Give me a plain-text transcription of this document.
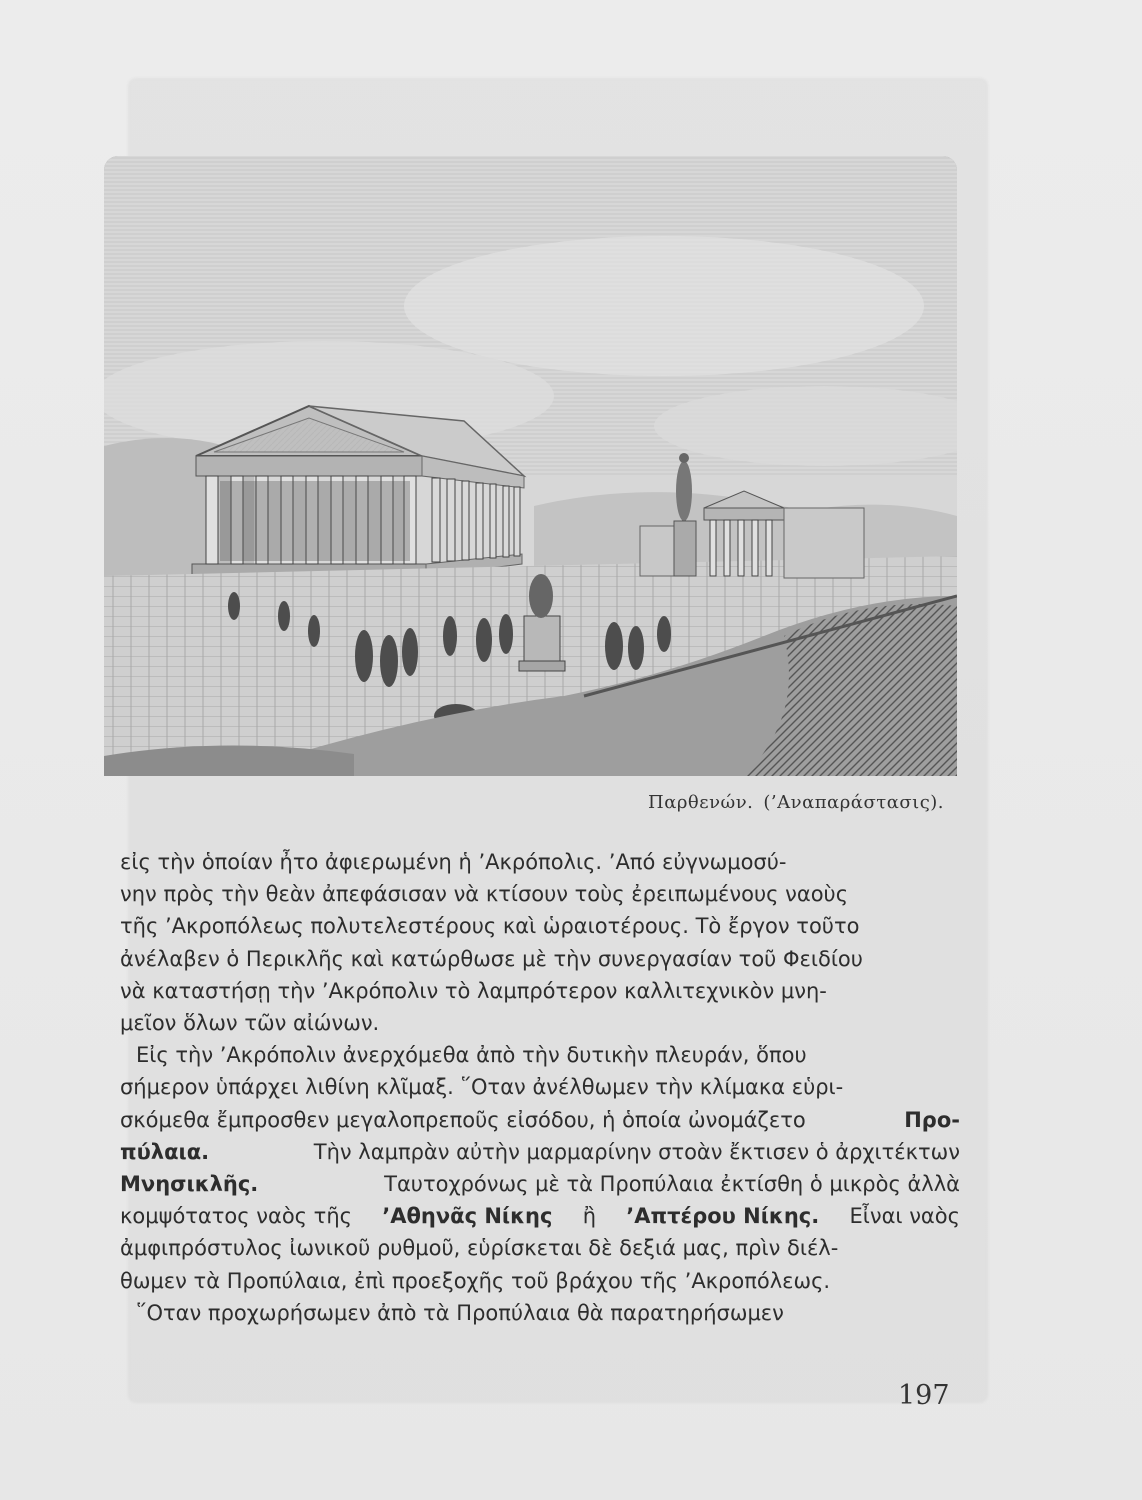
Παρθενών. (’Αναπαράστασις).
εἰς τὴν ὁποίαν ἦτο ἀφιερωμένη ἡ ’Ακρόπολις. ’Από εὐγνωμοσύ-
νην πρὸς τὴν θεὰν ἀπεφάσισαν νὰ κτίσουν τοὺς ἐρειπωμένους ναοὺς
τῆς ’Ακροπόλεως πολυτελεστέρους καὶ ὡραιοτέρους. Τὸ ἔργον τοῦτο
ἀνέλαβεν ὁ Περικλῆς καὶ κατώρθωσε μὲ τὴν συνεργασίαν τοῦ Φειδίου
νὰ καταστήσῃ τὴν ’Ακρόπολιν τὸ λαμπρότερον καλλιτεχνικὸν μνη-
μεῖον ὅλων τῶν αἰώνων.
Εἰς τὴν ’Ακρόπολιν ἀνερχόμεθα ἀπὸ τὴν δυτικὴν πλευράν, ὅπου
σήμερον ὑπάρχει λιθίνη κλῖμαξ. ῞Οταν ἀνέλθωμεν τὴν κλίμακα εὑρι-
σκόμεθα ἔμπροσθεν μεγαλοπρεποῦς εἰσόδου, ἡ ὁποία ὠνομάζετο	Προ-
πύλαια.	Τὴν λαμπρὰν αὐτὴν μαρμαρίνην στοὰν ἔκτισεν ὁ ἀρχιτέκτων
Μνησικλῆς.	Ταυτοχρόνως μὲ τὰ Προπύλαια ἐκτίσθη ὁ μικρὸς ἀλλὰ
κομψότατος ναὸς τῆς ’Αθηνᾶς Νίκης ἢ ’Απτέρου Νίκης. Εἶναι ναὸς
ἀμφιπρόστυλος ἰωνικοῦ ρυθμοῦ, εὑρίσκεται δὲ δεξιά μας, πρὶν διέλ-
θωμεν τὰ Προπύλαια, ἐπὶ προεξοχῆς τοῦ βράχου τῆς ’Ακροπόλεως.
῞Οταν προχωρήσωμεν ἀπὸ τὰ Προπύλαια θὰ παρατηρήσωμεν
197
